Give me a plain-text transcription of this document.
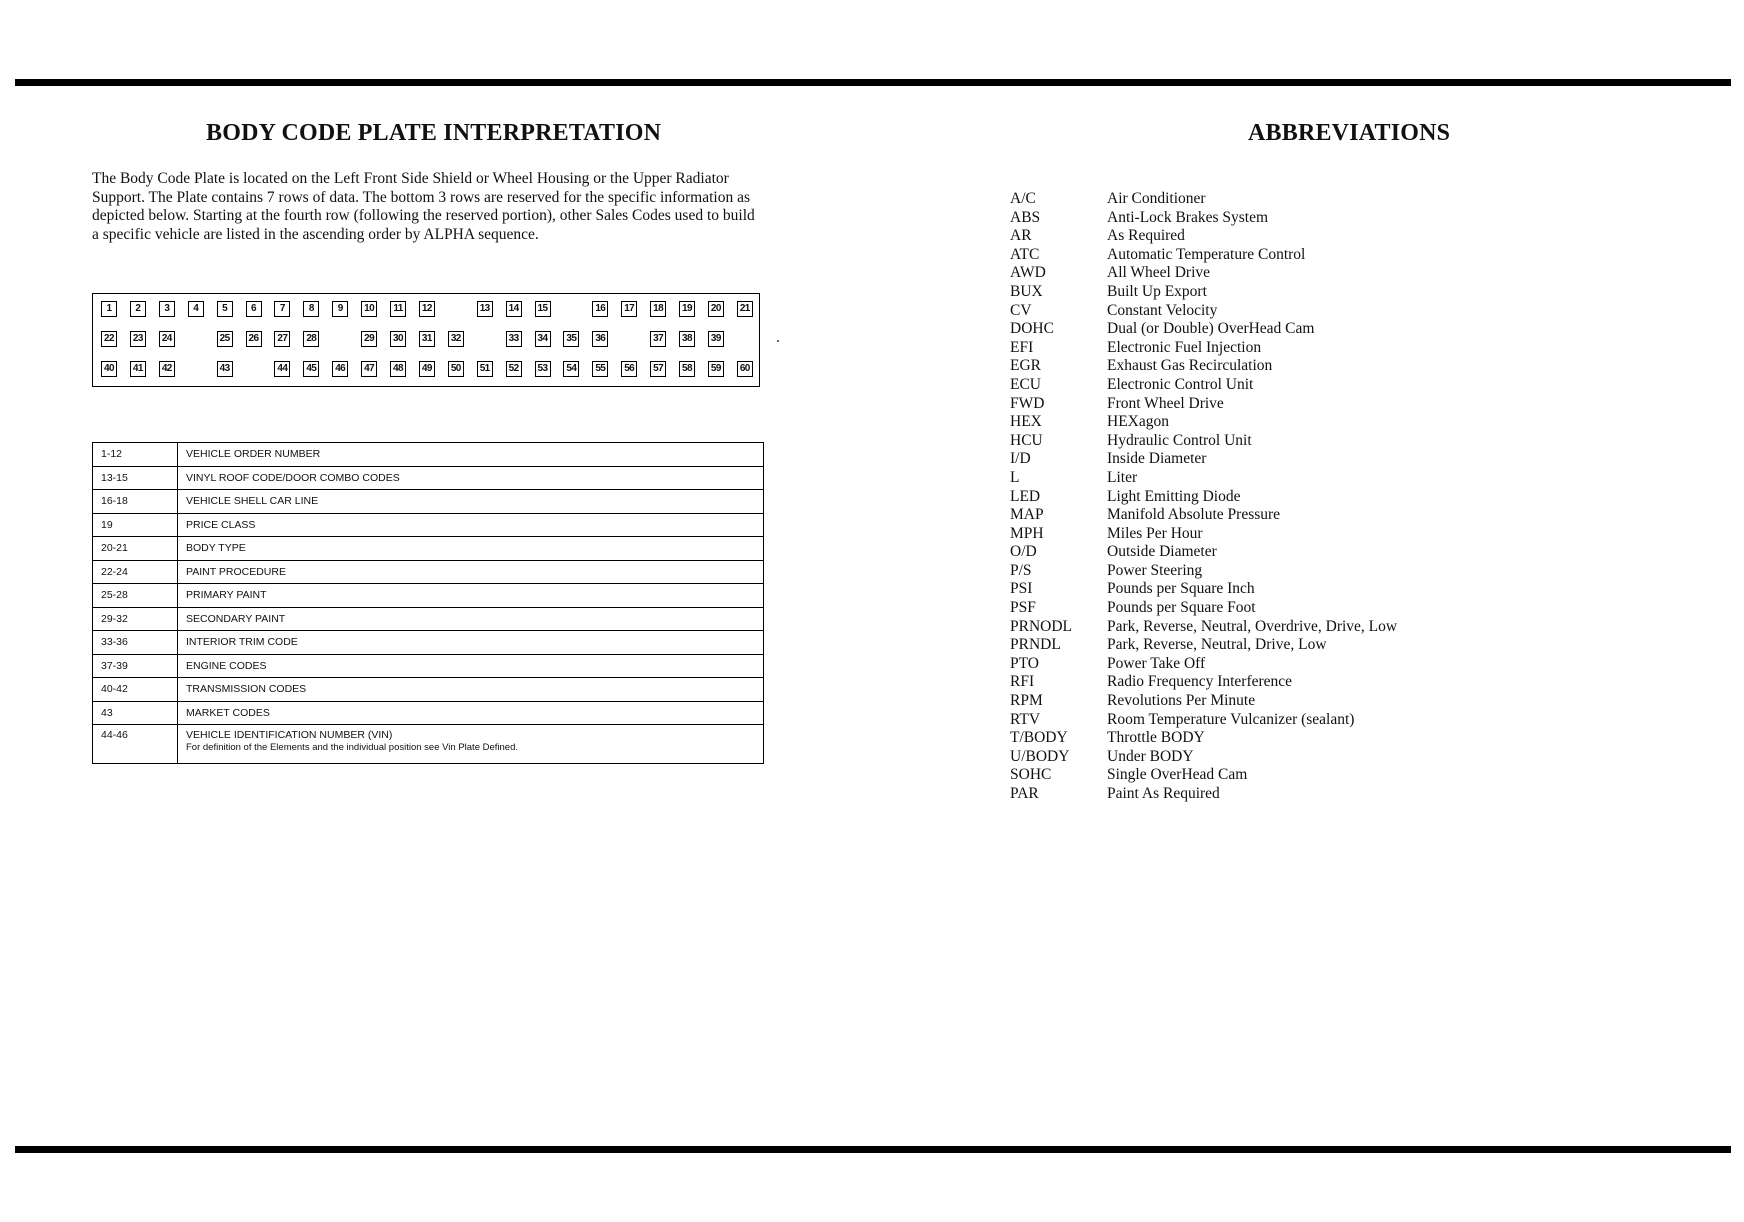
BODY CODE PLATE INTERPRETATION

The Body Code Plate is located on the Left Front Side Shield or Wheel Housing or the Upper Radiator Support. The Plate contains 7 rows of data. The bottom 3 rows are reserved for the specific information as depicted below. Starting at the fourth row (following the reserved portion), other Sales Codes used to build a specific vehicle are listed in the ascending order by ALPHA sequence.

1	2	3	4	5	6	7	8	9	10	11	12	13	14	15	16	17	18	19	20	21
22	23	24	25	26	27	28	29	30	31	32	33	34	35	36	37	38	39
40	41	42	43	44	45	46	47	48	49	50	51	52	53	54	55	56	57	58	59	60
1-12	VEHICLE ORDER NUMBER
13-15	VINYL ROOF CODE/DOOR COMBO CODES
16-18	VEHICLE SHELL CAR LINE
19	PRICE CLASS
20-21	BODY TYPE
22-24	PAINT PROCEDURE
25-28	PRIMARY PAINT
29-32	SECONDARY PAINT
33-36	INTERIOR TRIM CODE
37-39	ENGINE CODES
40-42	TRANSMISSION CODES
43	MARKET CODES
44-46	VEHICLE IDENTIFICATION NUMBER (VIN)
For definition of the Elements and the individual position see Vin Plate Defined.
ABBREVIATIONS
A/C	Air Conditioner
ABS	Anti-Lock Brakes System
AR	As Required
ATC	Automatic Temperature Control
AWD	All Wheel Drive
BUX	Built Up Export
CV	Constant Velocity
DOHC	Dual (or Double) OverHead Cam
EFI	Electronic Fuel Injection
EGR	Exhaust Gas Recirculation
ECU	Electronic Control Unit
FWD	Front Wheel Drive
HEX	HEXagon
HCU	Hydraulic Control Unit
I/D	Inside Diameter
L	Liter
LED	Light Emitting Diode
MAP	Manifold Absolute Pressure
MPH	Miles Per Hour
O/D	Outside Diameter
P/S	Power Steering
PSI	Pounds per Square Inch
PSF	Pounds per Square Foot
PRNODL Park, Reverse, Neutral, Overdrive, Drive, Low
PRNDL	Park, Reverse, Neutral, Drive, Low
PTO	Power Take Off
RFI	Radio Frequency Interference
RPM	Revolutions Per Minute
RTV	Room Temperature Vulcanizer (sealant)
T/BODY	Throttle BODY
U/BODY Under BODY
SOHC	Single OverHead Cam
PAR	Paint As Required
